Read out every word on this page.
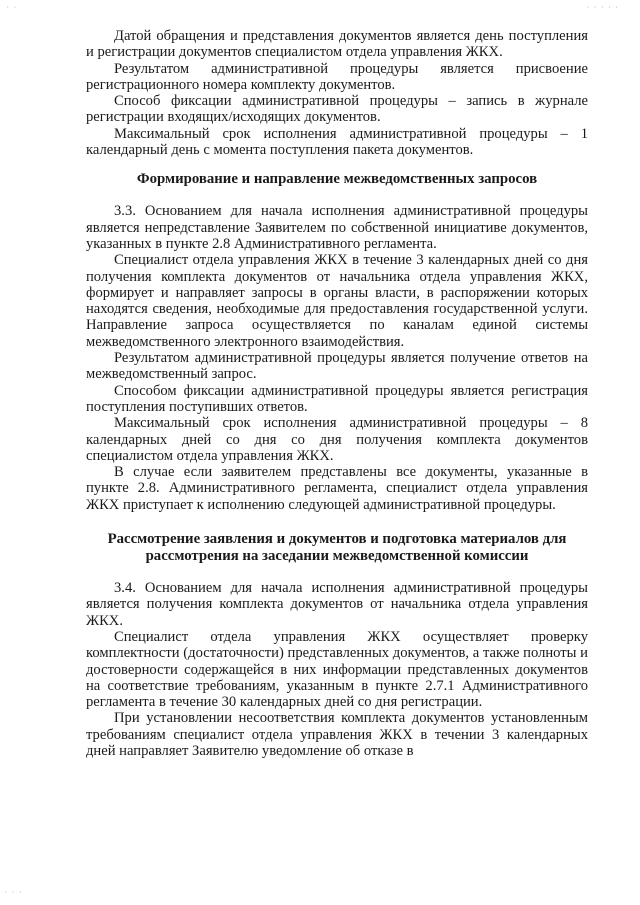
· ·	· · · · ·
· · ·

Датой обращения и представления документов является день поступления и регистрации документов специалистом отдела управления ЖКХ.

Результатом административной процедуры является присвоение регистрационного номера комплекту документов.

Способ фиксации административной процедуры – запись в журнале регистрации входящих/исходящих документов.

Максимальный срок исполнения административной процедуры – 1 календарный день с момента поступления пакета документов.

Формирование и направление межведомственных запросов

3.3. Основанием для начала исполнения административной процедуры является непредставление Заявителем по собственной инициативе документов, указанных в пункте 2.8 Административного регламента.

Специалист отдела управления ЖКХ в течение 3 календарных дней со дня получения комплекта документов от начальника отдела управления ЖКХ, формирует и направляет запросы в органы власти, в распоряжении которых находятся сведения, необходимые для предоставления государственной услуги. Направление запроса осуществляется по каналам единой системы межведомственного электронного взаимодействия.

Результатом административной процедуры является получение ответов на межведомственный запрос.

Способом фиксации административной процедуры является регистрация поступления поступивших ответов.

Максимальный срок исполнения административной процедуры – 8 календарных дней со дня со дня получения комплекта документов специалистом отдела управления ЖКХ.

В случае если заявителем представлены все документы, указанные в пункте 2.8. Административного регламента, специалист отдела управления ЖКХ приступает к исполнению следующей административной процедуры.

Рассмотрение заявления и документов и подготовка материалов для
рассмотрения на заседании межведомственной комиссии

3.4. Основанием для начала исполнения административной процедуры является получения комплекта документов от начальника отдела управления ЖКХ.

Специалист отдела управления ЖКХ осуществляет проверку комплектности (достаточности) представленных документов, а также полноты и достоверности содержащейся в них информации представленных документов на соответствие требованиям, указанным в пункте 2.7.1 Административного регламента в течение 30 календарных дней со дня регистрации.

При установлении несоответствия комплекта документов установленным требованиям специалист отдела управления ЖКХ в течении 3 календарных дней направляет Заявителю уведомление об отказе в
